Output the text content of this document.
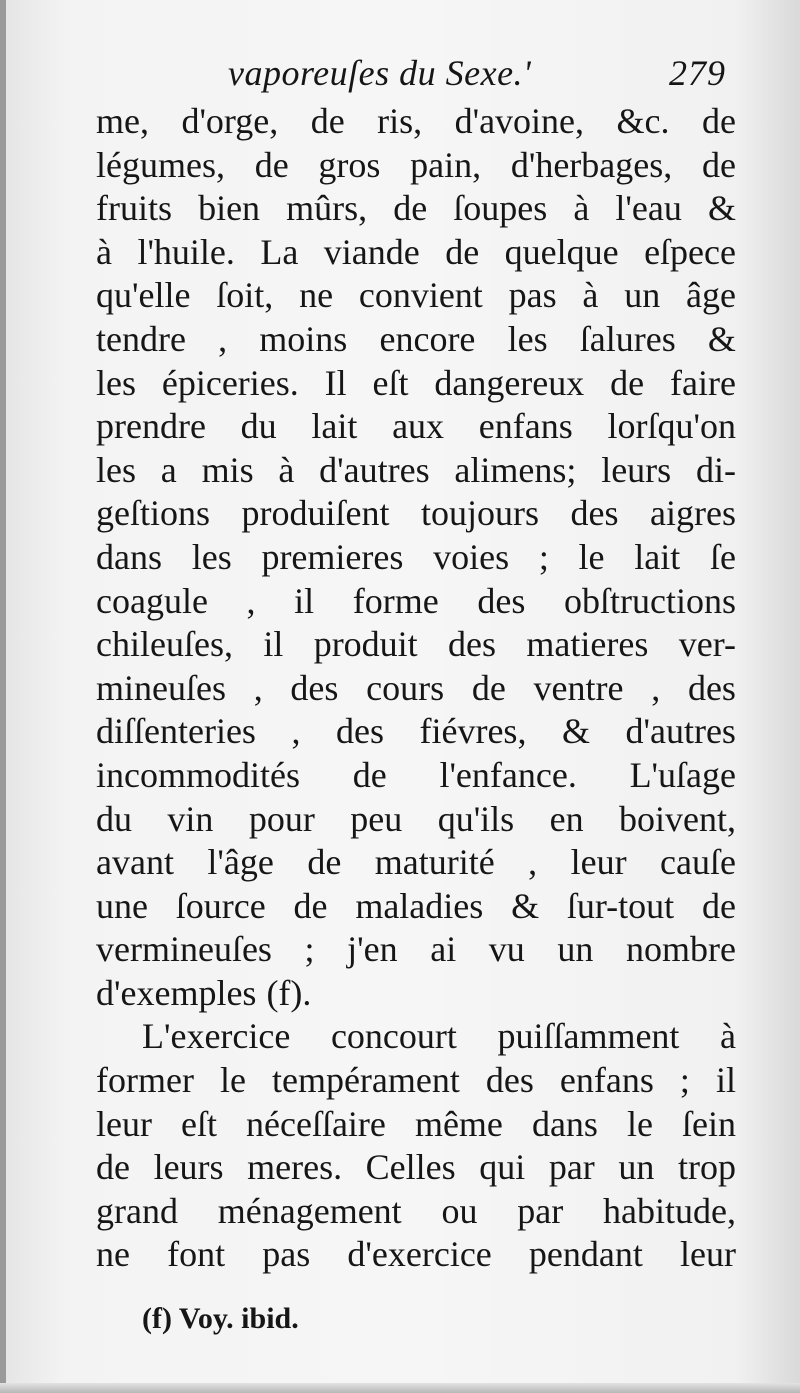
vaporeuſes du Sexe.'	279
me, d'orge, de ris, d'avoine, &c. de
légumes, de gros pain, d'herbages, de
fruits bien mûrs, de ſoupes à l'eau &
à l'huile. La viande de quelque eſpece
qu'elle ſoit, ne convient pas à un âge
tendre , moins encore les ſalures &
les épiceries. Il eſt dangereux de faire
prendre du lait aux enfans lorſqu'on
les a mis à d'autres alimens; leurs di-
geſtions produiſent toujours des aigres
dans les premieres voies ; le lait ſe
coagule , il forme des obſtructions
chileuſes, il produit des matieres ver-
mineuſes , des cours de ventre , des
diſſenteries , des fiévres, & d'autres
incommodités de l'enfance. L'uſage
du vin pour peu qu'ils en boivent,
avant l'âge de maturité , leur cauſe
une ſource de maladies & ſur-tout de
vermineuſes ; j'en ai vu un nombre
d'exemples (f).
L'exercice concourt puiſſamment à
former le tempérament des enfans ; il
leur eſt néceſſaire même dans le ſein
de leurs meres. Celles qui par un trop
grand ménagement ou par habitude,
ne font pas d'exercice pendant leur
(f) Voy. ibid.
